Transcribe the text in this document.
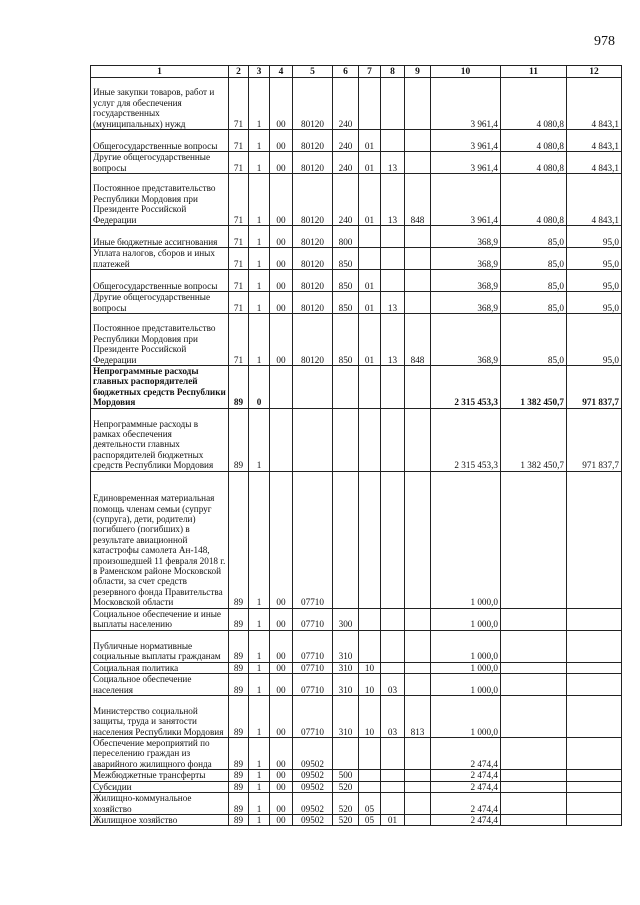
978
1	2	3	4	5	6	7	8	9	10	11	12
Иные закупки товаров, работ и услуг для обеспечения государственных (муниципальных) нужд	71	1	00	80120	240				3 961,4	4 080,8	4 843,1
Общегосударственные вопросы	71	1	00	80120	240	01			3 961,4	4 080,8	4 843,1
Другие общегосударственные вопросы	71	1	00	80120	240	01	13		3 961,4	4 080,8	4 843,1
Постоянное представительство Республики Мордовия при Президенте Российской Федерации	71	1	00	80120	240	01	13	848	3 961,4	4 080,8	4 843,1
Иные бюджетные ассигнования	71	1	00	80120	800				368,9	85,0	95,0
Уплата налогов, сборов и иных платежей	71	1	00	80120	850				368,9	85,0	95,0
Общегосударственные вопросы	71	1	00	80120	850	01			368,9	85,0	95,0
Другие общегосударственные вопросы	71	1	00	80120	850	01	13		368,9	85,0	95,0
Постоянное представительство Республики Мордовия при Президенте Российской Федерации	71	1	00	80120	850	01	13	848	368,9	85,0	95,0
Непрограммные расходы главных распорядителей бюджетных средств Республики Мордовия	89	0							2 315 453,3	1 382 450,7	971 837,7
Непрограммные расходы в рамках обеспечения деятельности главных распорядителей бюджетных средств Республики Мордовия	89	1							2 315 453,3	1 382 450,7	971 837,7
Единовременная материальная помощь членам семьи (супруг (супруга), дети, родители) погибшего (погибших) в результате авиационной катастрофы самолета Ан-148, произошедшей 11 февраля 2018 г. в Раменском районе Московской области, за счет средств резервного фонда Правительства Московской области	89	1	00	07710					1 000,0		
Социальное обеспечение и иные выплаты населению	89	1	00	07710	300				1 000,0		
Публичные нормативные социальные выплаты гражданам	89	1	00	07710	310				1 000,0		
Социальная политика	89	1	00	07710	310	10			1 000,0		
Социальное обеспечение населения	89	1	00	07710	310	10	03		1 000,0		
Министерство социальной защиты, труда и занятости населения Республики Мордовия	89	1	00	07710	310	10	03	813	1 000,0		
Обеспечение мероприятий по переселению граждан из аварийного жилищного фонда	89	1	00	09502					2 474,4		
Межбюджетные трансферты	89	1	00	09502	500				2 474,4		
Субсидии	89	1	00	09502	520				2 474,4		
Жилищно-коммунальное хозяйство	89	1	00	09502	520	05			2 474,4		
Жилищное хозяйство	89	1	00	09502	520	05	01		2 474,4		
